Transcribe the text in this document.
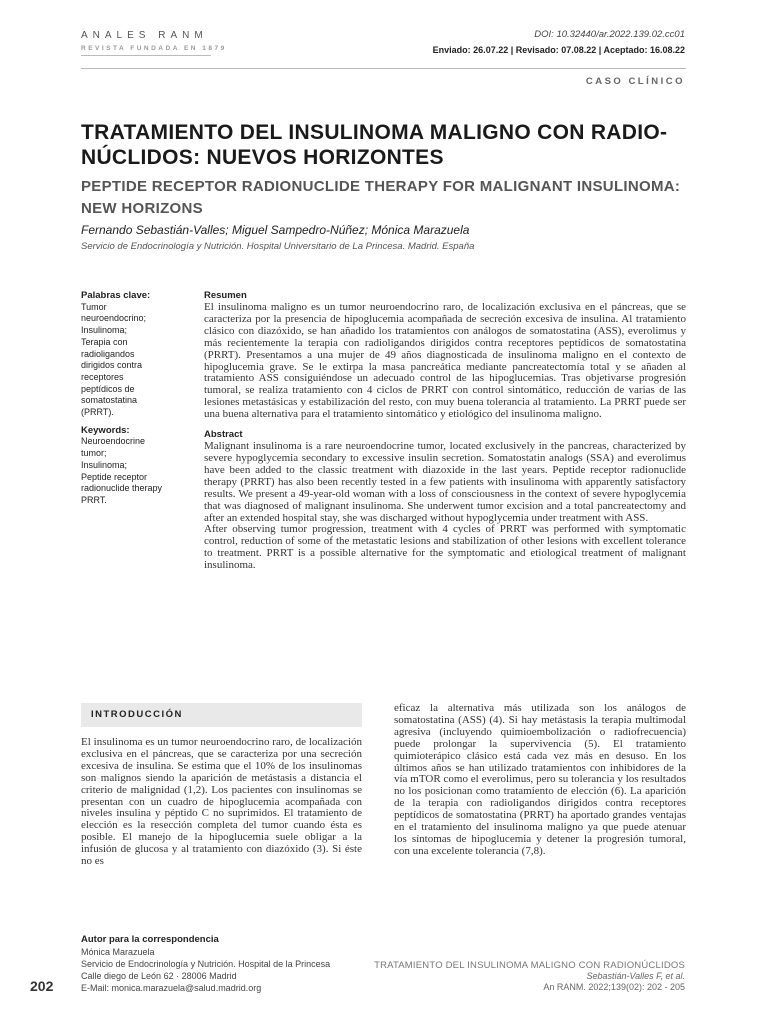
ANALES RANM
REVISTA FUNDADA EN 1879
DOI: 10.32440/ar.2022.139.02.cc01
Enviado: 26.07.22 | Revisado: 07.08.22 | Aceptado: 16.08.22
CASO CLÍNICO
TRATAMIENTO DEL INSULINOMA MALIGNO CON RADIO-NÚCLIDOS: NUEVOS HORIZONTES
PEPTIDE RECEPTOR RADIONUCLIDE THERAPY FOR MALIGNANT INSULINOMA: NEW HORIZONS
Fernando Sebastián-Valles; Miguel Sampedro-Núñez; Mónica Marazuela
Servicio de Endocrinología y Nutrición. Hospital Universitario de La Princesa. Madrid. España
Palabras clave:
Tumor
neuroendocrino;
Insulinoma;
Terapia con
radioligandos
dirigidos contra
receptores
peptídicos de
somatostatina
(PRRT).
Keywords:
Neuroendocrine
tumor;
Insulinoma;
Peptide receptor
radionuclide therapy
PRRT.
Resumen

El insulinoma maligno es un tumor neuroendocrino raro, de localización exclusiva en el páncreas, que se caracteriza por la presencia de hipoglucemia acompañada de secreción excesiva de insulina. Al tratamiento clásico con diazóxido, se han añadido los tratamientos con análogos de somatostatina (ASS), everolimus y más recientemente la terapia con radioligandos dirigidos contra receptores peptídicos de somatostatina (PRRT). Presentamos a una mujer de 49 años diagnosticada de insulinoma maligno en el contexto de hipoglucemia grave. Se le extirpa la masa pancreática mediante pancreatectomía total y se añaden al tratamiento ASS consiguiéndose un adecuado control de las hipoglucemias. Tras objetivarse progresión tumoral, se realiza tratamiento con 4 ciclos de PRRT con control sintomático, reducción de varias de las lesiones metastásicas y estabilización del resto, con muy buena tolerancia al tratamiento. La PRRT puede ser una buena alternativa para el tratamiento sintomático y etiológico del insulinoma maligno.

Abstract

Malignant insulinoma is a rare neuroendocrine tumor, located exclusively in the pancreas, characterized by severe hypoglycemia secondary to excessive insulin secretion. Somatostatin analogs (SSA) and everolimus have been added to the classic treatment with diazoxide in the last years. Peptide receptor radionuclide therapy (PRRT) has also been recently tested in a few patients with insulinoma with apparently satisfactory results. We present a 49-year-old woman with a loss of consciousness in the context of severe hypoglycemia that was diagnosed of malignant insulinoma. She underwent tumor excision and a total pancreatectomy and after an extended hospital stay, she was discharged without hypoglycemia under treatment with ASS.

After observing tumor progression, treatment with 4 cycles of PRRT was performed with symptomatic control, reduction of some of the metastatic lesions and stabilization of other lesions with excellent tolerance to treatment. PRRT is a possible alternative for the symptomatic and etiological treatment of malignant insulinoma.

INTRODUCCIÓN

El insulinoma es un tumor neuroendocrino raro, de localización exclusiva en el páncreas, que se caracteriza por una secreción excesiva de insulina. Se estima que el 10% de los insulinomas son malignos siendo la aparición de metástasis a distancia el criterio de malignidad (1,2). Los pacientes con insulinomas se presentan con un cuadro de hipoglucemia acompañada con niveles insulina y péptido C no suprimidos. El tratamiento de elección es la resección completa del tumor cuando ésta es posible. El manejo de la hipoglucemia suele obligar a la infusión de glucosa y al tratamiento con diazóxido (3). Si éste no es

eficaz la alternativa más utilizada son los análogos de somatostatina (ASS) (4). Si hay metástasis la terapia multimodal agresiva (incluyendo quimioembolización o radiofrecuencia) puede prolongar la supervivencia (5). El tratamiento quimioterápico clásico está cada vez más en desuso. En los últimos años se han utilizado tratamientos con inhibidores de la vía mTOR como el everolimus, pero su tolerancia y los resultados no los posicionan como tratamiento de elección (6). La aparición de la terapia con radioligandos dirigidos contra receptores peptídicos de somatostatina (PRRT) ha aportado grandes ventajas en el tratamiento del insulinoma maligno ya que puede atenuar los síntomas de hipoglucemia y detener la progresión tumoral, con una excelente tolerancia (7,8).

Autor para la correspondencia
Mónica Marazuela
Servicio de Endocrinología y Nutrición. Hospital de la Princesa
Calle diego de León 62 · 28006 Madrid
E-Mail: monica.marazuela@salud.madrid.org
202
TRATAMIENTO DEL INSULINOMA MALIGNO CON RADIONÚCLIDOS
Sebastián-Valles F, et al.
An RANM. 2022;139(02): 202 - 205
